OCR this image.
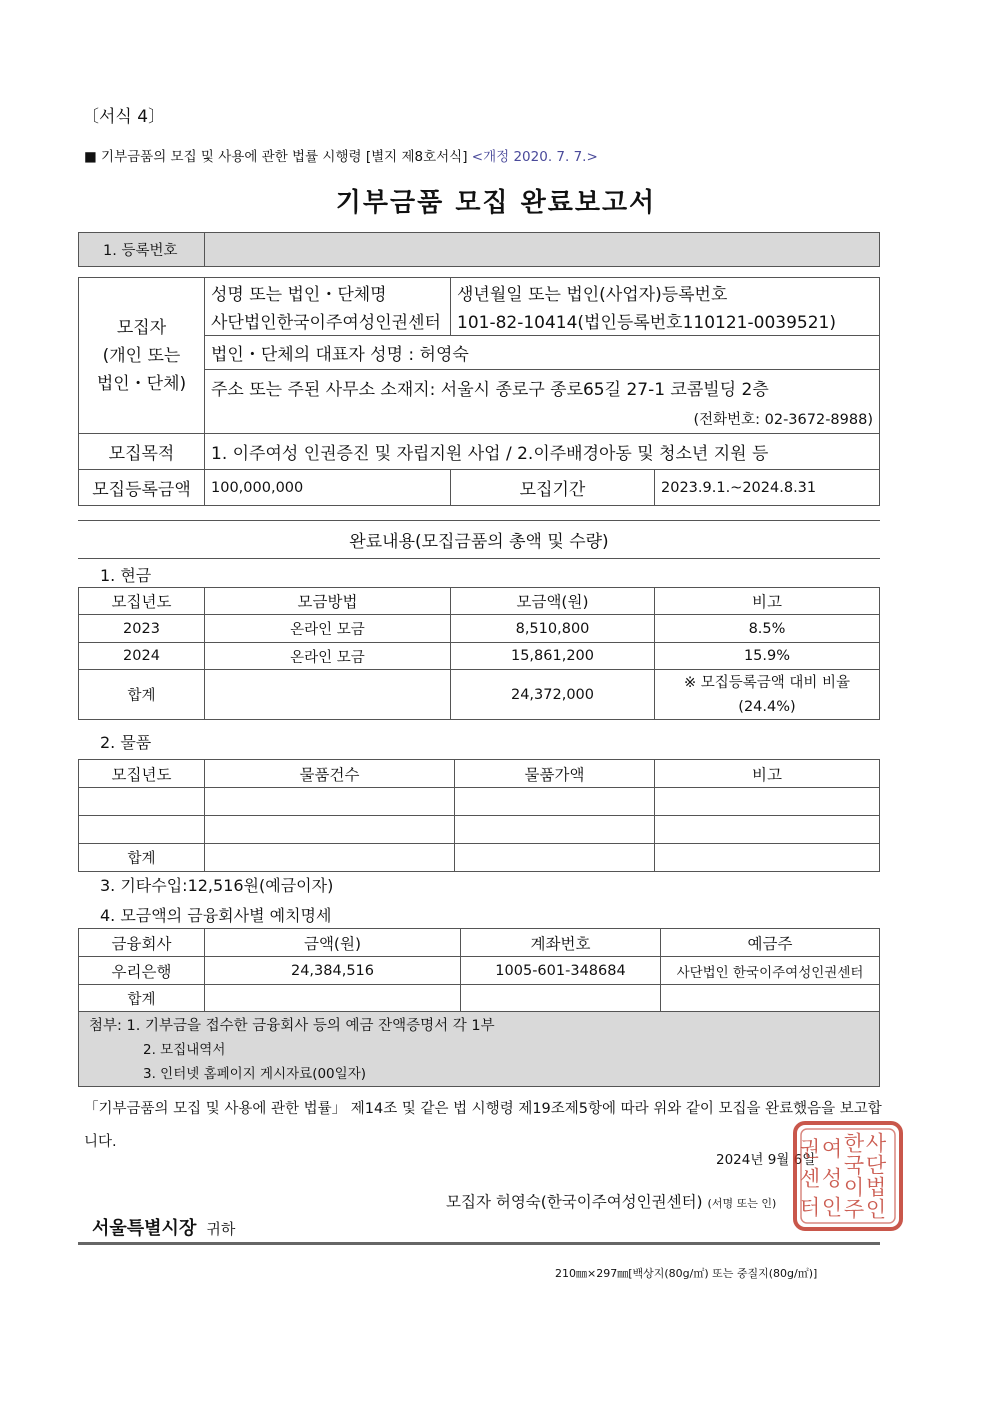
〔서식 4〕
■ 기부금품의 모집 및 사용에 관한 법률 시행령 [별지 제8호서식] <개정 2020. 7. 7.>
기부금품 모집 완료보고서
1. 등록번호	
모집자
(개인 또는
법인・단체)	성명 또는 법인・단체명	생년월일 또는 법인(사업자)등록번호	
	사단법인한국이주여성인권센터	101-82-10414(법인등록번호110121-0039521)	
	법인・단체의 대표자 성명 : 허영숙		

	주소 또는 주된 사무소 소재지: 서울시 종로구 종로65길 27-1 코콤빌딩 2층
(전화번호: 02-3672-8988)		

모집목적	1. 이주여성 인권증진 및 자립지원 사업 / 2.이주배경아동 및 청소년 지원 등		
모집등록금액	100,000,000	모집기간	2023.9.1.~2024.8.31
완료내용(모집금품의 총액 및 수량)
1. 현금
모집년도	모금방법	모금액(원)	비고
2023	온라인 모금	8,510,800	8.5%
2024	온라인 모금	15,861,200	15.9%
합계		24,372,000	※ 모집등록금액 대비 비율
(24.4%)
2. 물품
모집년도	물품건수	물품가액	비고

합계			
3. 기타수입:12,516원(예금이자)
4. 모금액의 금융회사별 예치명세
금융회사	금액(원)	계좌번호	예금주
우리은행	24,384,516	1005-601-348684	사단법인 한국이주여성인권센터
합계			
첨부: 1. 기부금을 접수한 금융회사 등의 예금 잔액증명서 각 1부
2. 모집내역서
3. 인터넷 홈페이지 게시자료(00일자)
「기부금품의 모집 및 사용에 관한 법률」 제14조 및 같은 법 시행령 제19조제5항에 따라 위와 같이 모집을 완료했음을 보고합니다.
2024년 9월 6일
모집자 허영숙(한국이주여성인권센터) (서명 또는 인)
서울특별시장 귀하
210㎜×297㎜[백상지(80g/㎡) 또는 중질지(80g/㎡)]
사
단
법
인
한
국
이
주
여
성
인
권
센
터
